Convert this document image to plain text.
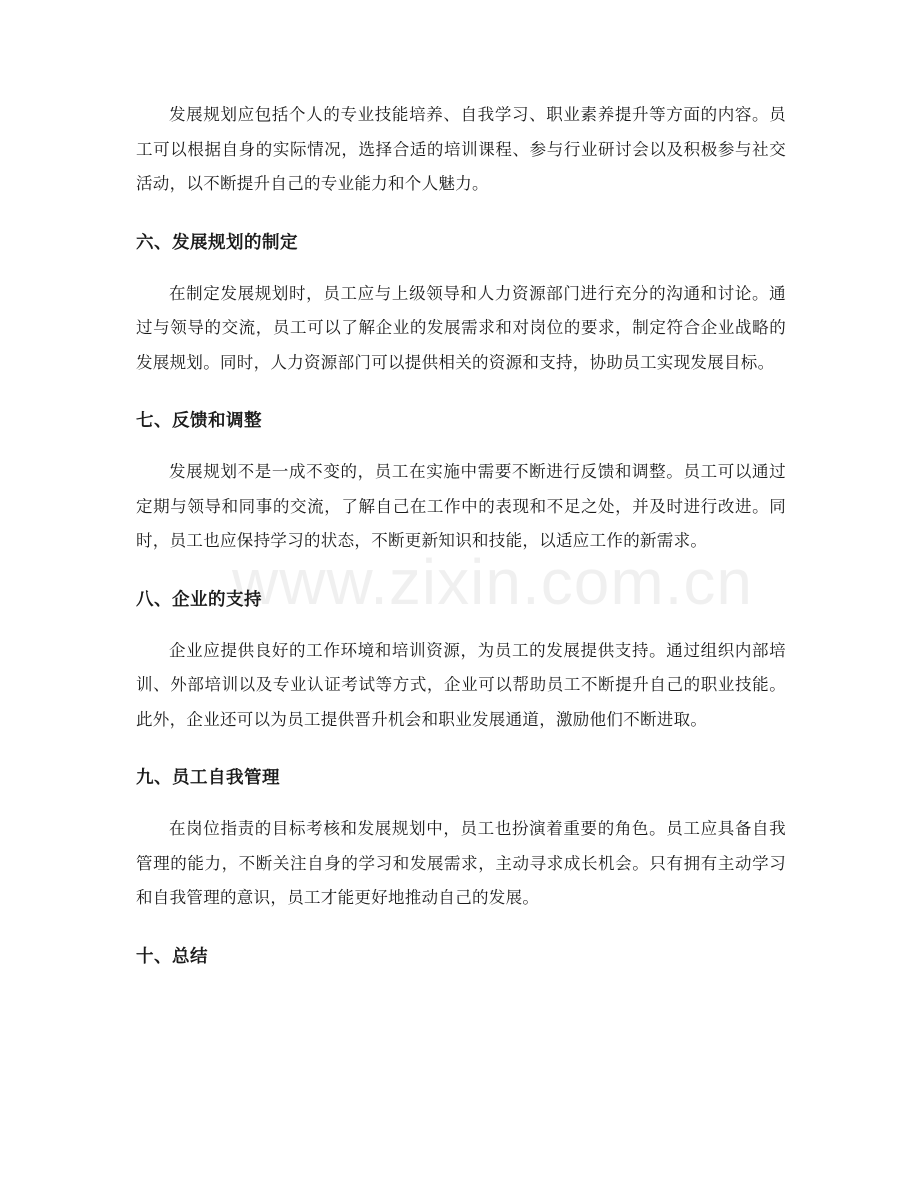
www.zixin.com.cn

发展规划应包括个人的专业技能培养、自我学习、职业素养提升等方面的内容。员工可以根据自身的实际情况，选择合适的培训课程、参与行业研讨会以及积极参与社交活动，以不断提升自己的专业能力和个人魅力。

六、发展规划的制定

在制定发展规划时，员工应与上级领导和人力资源部门进行充分的沟通和讨论。通过与领导的交流，员工可以了解企业的发展需求和对岗位的要求，制定符合企业战略的发展规划。同时，人力资源部门可以提供相关的资源和支持，协助员工实现发展目标。

七、反馈和调整

发展规划不是一成不变的，员工在实施中需要不断进行反馈和调整。员工可以通过定期与领导和同事的交流，了解自己在工作中的表现和不足之处，并及时进行改进。同时，员工也应保持学习的状态，不断更新知识和技能，以适应工作的新需求。

八、企业的支持

企业应提供良好的工作环境和培训资源，为员工的发展提供支持。通过组织内部培训、外部培训以及专业认证考试等方式，企业可以帮助员工不断提升自己的职业技能。此外，企业还可以为员工提供晋升机会和职业发展通道，激励他们不断进取。

九、员工自我管理

在岗位指责的目标考核和发展规划中，员工也扮演着重要的角色。员工应具备自我管理的能力，不断关注自身的学习和发展需求，主动寻求成长机会。只有拥有主动学习和自我管理的意识，员工才能更好地推动自己的发展。

十、总结
